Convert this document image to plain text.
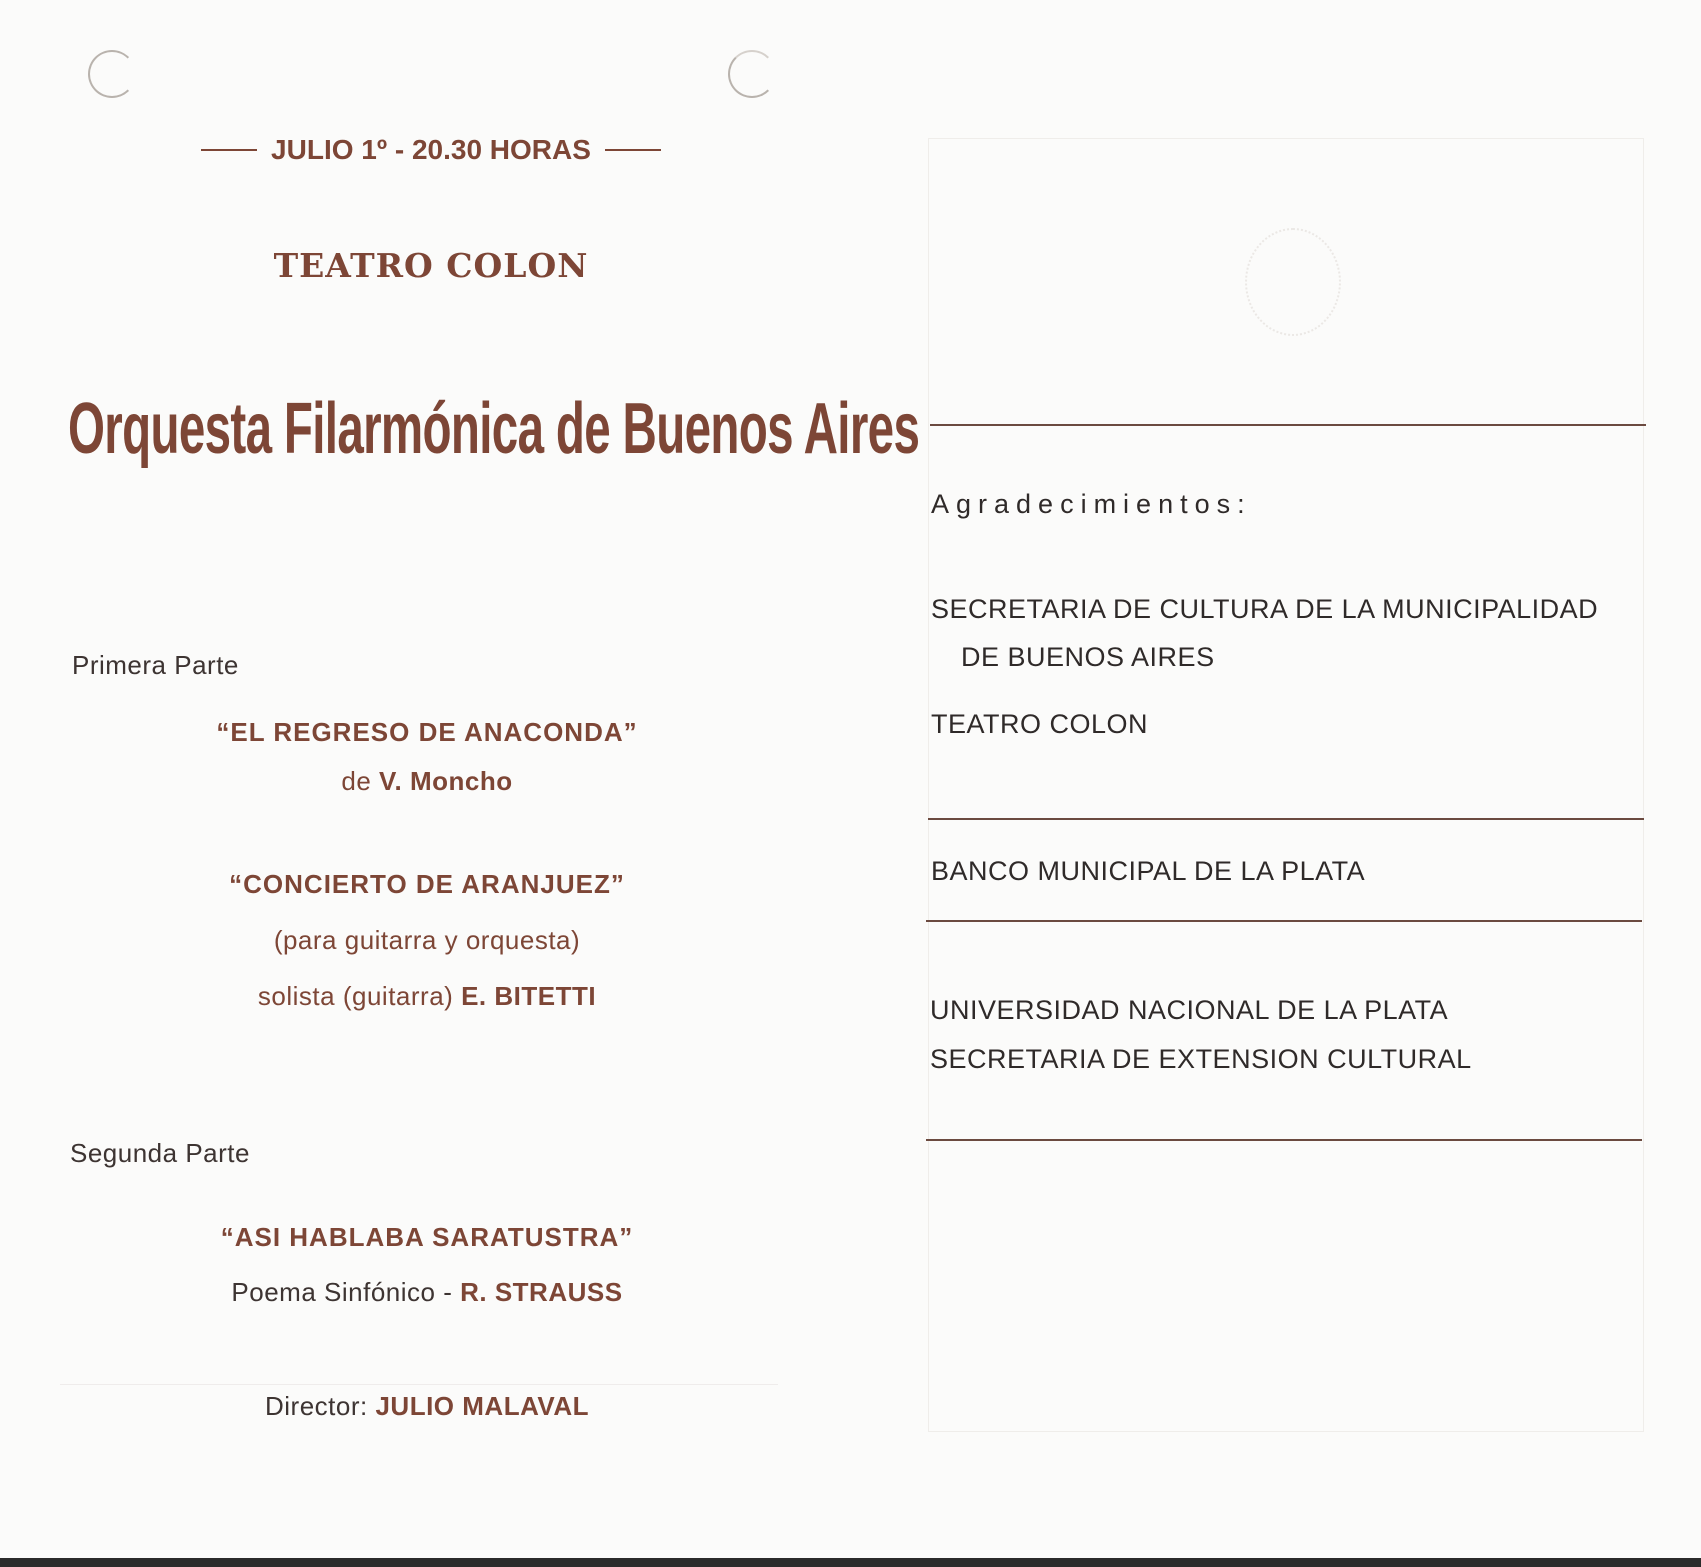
JULIO 1º - 20.30 HORAS
TEATRO COLON
Orquesta Filarmónica de Buenos Aires
Primera Parte
“EL REGRESO DE ANACONDA”
de V. Moncho
“CONCIERTO DE ARANJUEZ”
(para guitarra y orquesta)
solista (guitarra) E. BITETTI
Segunda Parte
“ASI HABLABA SARATUSTRA”
Poema Sinfónico - R. STRAUSS
Director: JULIO MALAVAL
Agradecimientos:
SECRETARIA DE CULTURA DE LA MUNICIPALIDAD
DE BUENOS AIRES
TEATRO COLON
BANCO MUNICIPAL DE LA PLATA
UNIVERSIDAD NACIONAL DE LA PLATA
SECRETARIA DE EXTENSION CULTURAL
